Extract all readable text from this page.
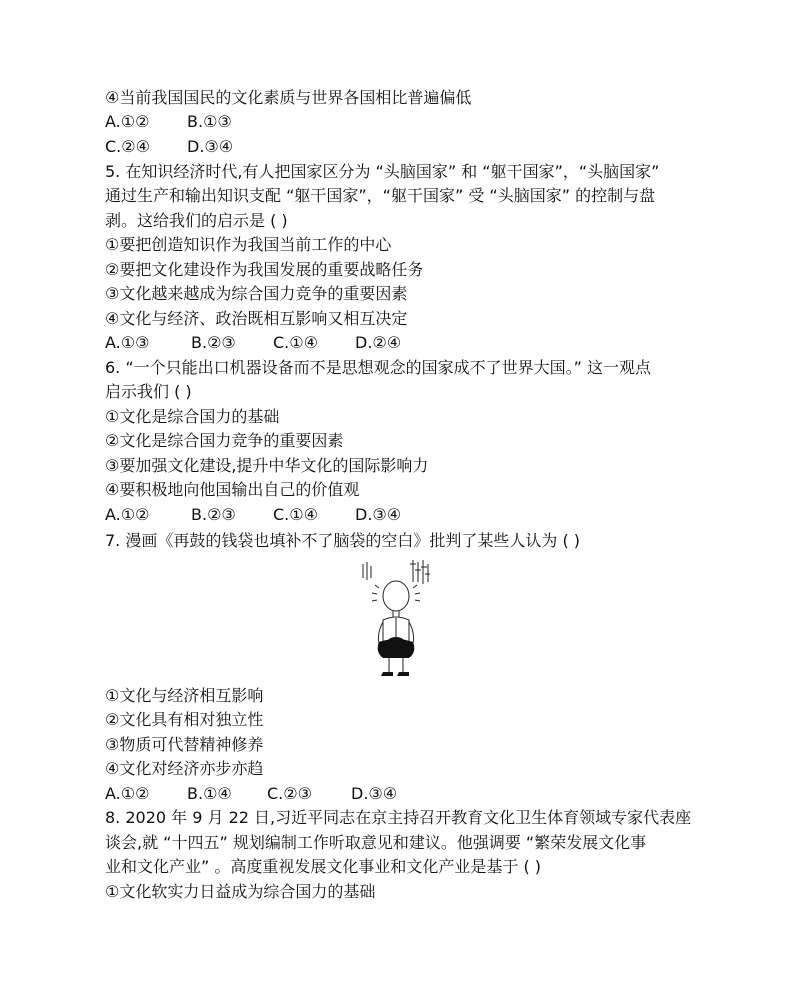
④当前我国国民的文化素质与世界各国相比普遍偏低
A.①② B.①③
C.②④ D.③④
5. 在知识经济时代,有人把国家区分为 “头脑国家” 和 “躯干国家”，“头脑国家”
通过生产和输出知识支配 “躯干国家”，“躯干国家” 受 “头脑国家” 的控制与盘
剥。这给我们的启示是 ( )
①要把创造知识作为我国当前工作的中心
②要把文化建设作为我国发展的重要战略任务
③文化越来越成为综合国力竞争的重要因素
④文化与经济、政治既相互影响又相互决定
A.①③	B.②③ C.①④ D.②④
6. “一个只能出口机器设备而不是思想观念的国家成不了世界大国。” 这一观点
启示我们 ( )
①文化是综合国力的基础
②文化是综合国力竞争的重要因素
③要加强文化建设,提升中华文化的国际影响力
④要积极地向他国输出自己的价值观
A.①②	B.②③ C.①④ D.③④
7. 漫画《再鼓的钱袋也填补不了脑袋的空白》批判了某些人认为 ( )
①文化与经济相互影响
②文化具有相对独立性
③物质可代替精神修养
④文化对经济亦步亦趋
A.①② B.①④ C.②③ D.③④
8. 2020 年 9 月 22 日,习近平同志在京主持召开教育文化卫生体育领域专家代表座
谈会,就 “十四五” 规划编制工作听取意见和建议。他强调要 “繁荣发展文化事
业和文化产业” 。高度重视发展文化事业和文化产业是基于 ( )
①文化软实力日益成为综合国力的基础
